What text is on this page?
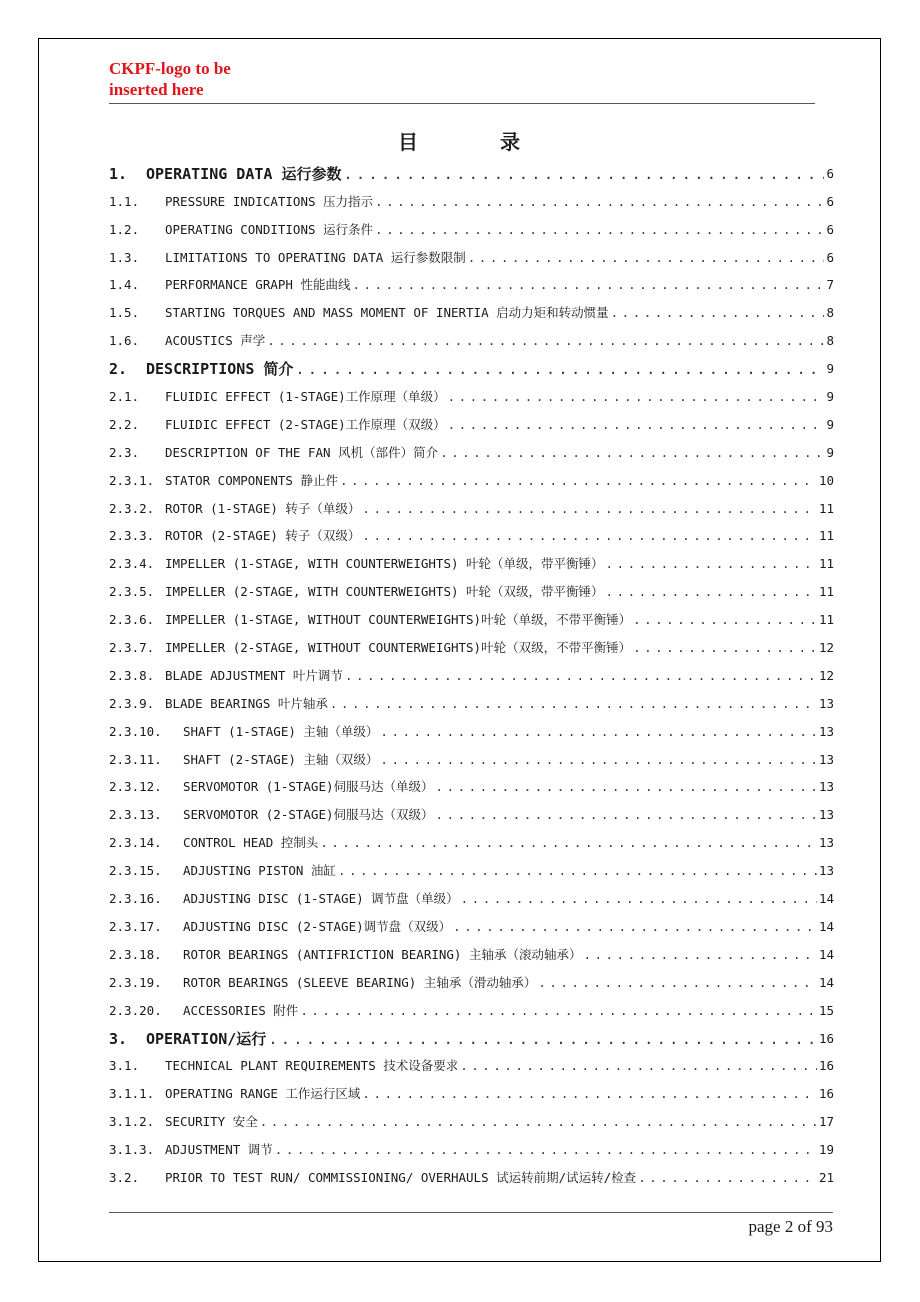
CKPF-logo to be
inserted here
目	录
1.	OPERATING DATA 运行参数 .....	6
1.1.	PRESSURE INDICATIONS 压力指示 .....	6
1.2.	OPERATING CONDITIONS 运行条件 .....	6
1.3.	LIMITATIONS TO OPERATING DATA 运行参数限制 .....	6
1.4.	PERFORMANCE GRAPH 性能曲线 .....	7
1.5.	STARTING TORQUES AND MASS MOMENT OF INERTIA 启动力矩和转动惯量 .....	8
1.6.	ACOUSTICS 声学 .....	8
2.	DESCRIPTIONS 简介 .....	9
2.1.	FLUIDIC EFFECT (1-STAGE)工作原理（单级） .....	9
2.2.	FLUIDIC EFFECT (2-STAGE)工作原理（双级） .....	9
2.3.	DESCRIPTION OF THE FAN 风机（部件）简介 .....	9
2.3.1. STATOR COMPONENTS 静止件 .....	10
2.3.2. ROTOR (1-STAGE) 转子（单级） .....	11
2.3.3. ROTOR (2-STAGE) 转子（双级） .....	11
2.3.4. IMPELLER (1-STAGE, WITH COUNTERWEIGHTS) 叶轮（单级，带平衡锤） .....	11
2.3.5. IMPELLER (2-STAGE, WITH COUNTERWEIGHTS) 叶轮（双级，带平衡锤） .....	11
2.3.6. IMPELLER (1-STAGE, WITHOUT COUNTERWEIGHTS)叶轮（单级，不带平衡锤） .....	11
2.3.7. IMPELLER (2-STAGE, WITHOUT COUNTERWEIGHTS)叶轮（双级，不带平衡锤） .....	12
2.3.8. BLADE ADJUSTMENT 叶片调节 .....	12
2.3.9. BLADE BEARINGS 叶片轴承 .....	13
2.3.10.	SHAFT (1-STAGE) 主轴（单级） .....	13
2.3.11.	SHAFT (2-STAGE) 主轴（双级） .....	13
2.3.12.	SERVOMOTOR (1-STAGE)伺服马达（单级） .....	13
2.3.13.	SERVOMOTOR (2-STAGE)伺服马达（双级） .....	13
2.3.14.	CONTROL HEAD 控制头 .....	13
2.3.15.	ADJUSTING PISTON 油缸 .....	13
2.3.16.	ADJUSTING DISC (1-STAGE) 调节盘（单级） .....	14
2.3.17.	ADJUSTING DISC (2-STAGE)调节盘（双级） .....	14
2.3.18.	ROTOR BEARINGS (ANTIFRICTION BEARING) 主轴承（滚动轴承） .....	14
2.3.19.	ROTOR BEARINGS (SLEEVE BEARING) 主轴承（滑动轴承） .....	14
2.3.20.	ACCESSORIES 附件 .....	15
3.	OPERATION/运行 .....	16
3.1.	TECHNICAL PLANT REQUIREMENTS 技术设备要求 .....	16
3.1.1. OPERATING RANGE 工作运行区域 .....	16
3.1.2. SECURITY 安全 .....	17
3.1.3. ADJUSTMENT 调节 .....	19
3.2.	PRIOR TO TEST RUN/ COMMISSIONING/ OVERHAULS 试运转前期/试运转/检查 .....	21
page 2 of 93
